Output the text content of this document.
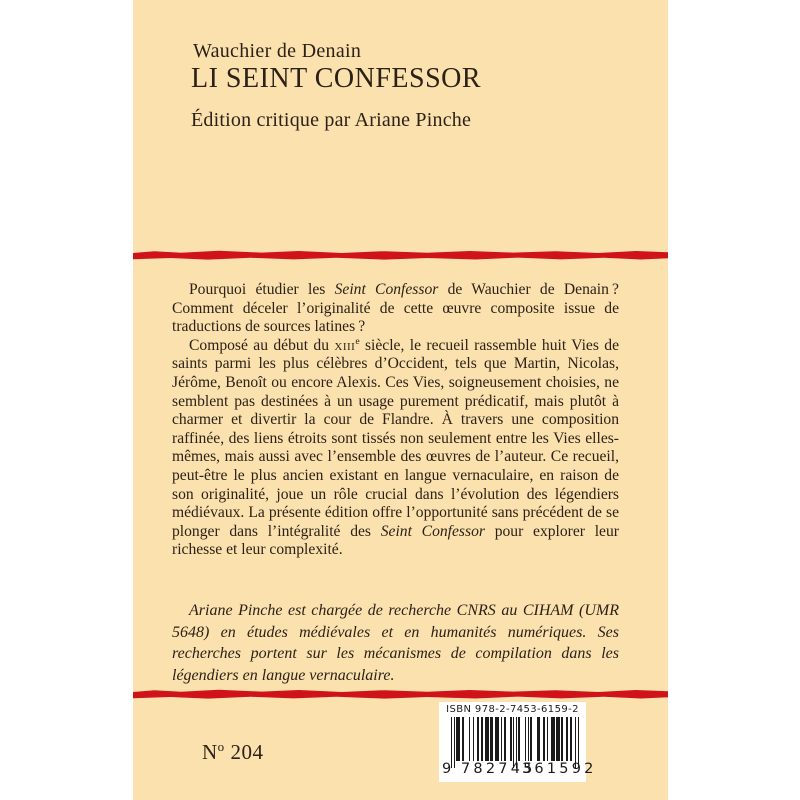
Wauchier de Denain
LI SEINT CONFESSOR
Édition critique par Ariane Pinche

Pourquoi étudier les Seint Confessor de Wauchier de Denain ? Comment déceler l’originalité de cette œuvre composite issue de traductions de sources latines ?

Composé au début du xiii$^e$ siècle, le recueil rassemble huit Vies de saints parmi les plus célèbres d’Occident, tels que Martin, Nicolas, Jérôme, Benoît ou encore Alexis. Ces Vies, soigneusement choisies, ne semblent pas destinées à un usage purement prédicatif, mais plutôt à charmer et divertir la cour de Flandre. À travers une composition raffinée, des liens étroits sont tissés non seulement entre les Vies elles-mêmes, mais aussi avec l’ensemble des œuvres de l’auteur. Ce recueil, peut-être le plus ancien existant en langue vernaculaire, en raison de son originalité, joue un rôle crucial dans l’évolution des légendiers médiévaux. La présente édition offre l’opportunité sans précédent de se plonger dans l’intégralité des Seint Confessor pour explorer leur richesse et leur complexité.

Ariane Pinche est chargée de recherche CNRS au CIHAM (UMR 5648) en études médiévales et en humanités numériques. Ses recherches portent sur les mécanismes de compilation dans les légendiers en langue vernaculaire.
$N^o$ 204
ISBN 978-2-7453-6159-2
9 782745
361592
